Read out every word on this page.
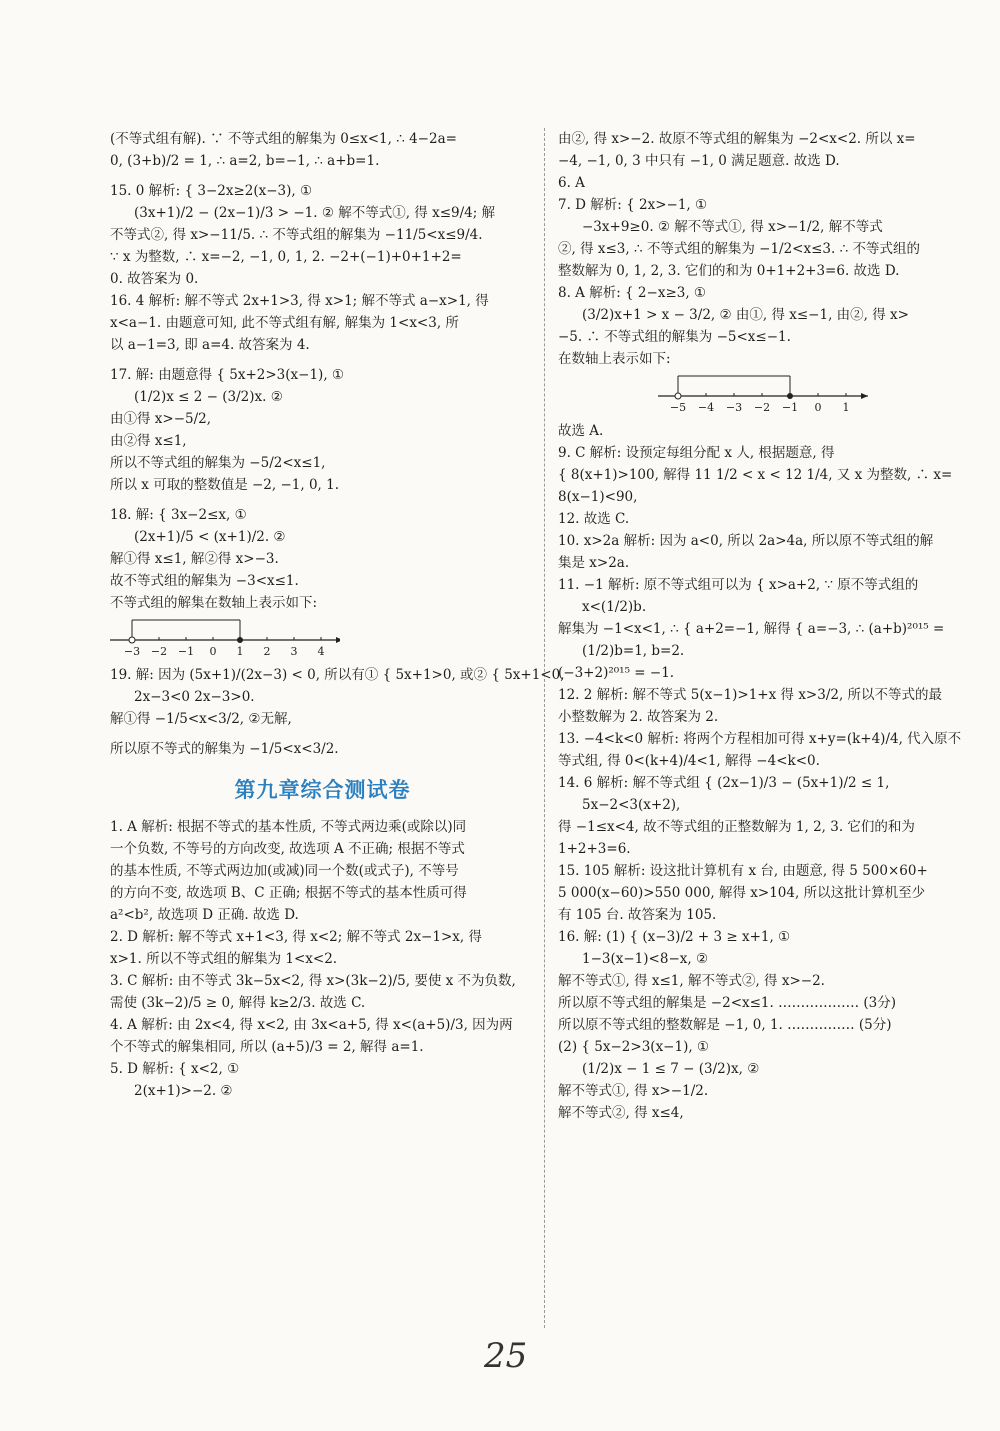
(不等式组有解). ∵ 不等式组的解集为 0≤x<1, ∴ 4−2a=
0, (3+b)/2 = 1, ∴ a=2, b=−1, ∴ a+b=1.
15. 0 解析: { 3−2x≥2(x−3), ①
(3x+1)/2 − (2x−1)/3 > −1. ② 解不等式①, 得 x≤9/4; 解
不等式②, 得 x>−11/5. ∴ 不等式组的解集为 −11/5<x≤9/4.
∵ x 为整数, ∴ x=−2, −1, 0, 1, 2. −2+(−1)+0+1+2=
0. 故答案为 0.
16. 4 解析: 解不等式 2x+1>3, 得 x>1; 解不等式 a−x>1, 得
x<a−1. 由题意可知, 此不等式组有解, 解集为 1<x<3, 所
以 a−1=3, 即 a=4. 故答案为 4.
17. 解: 由题意得 { 5x+2>3(x−1), ①
(1/2)x ≤ 2 − (3/2)x. ②
由①得 x>−5/2,
由②得 x≤1,
所以不等式组的解集为 −5/2<x≤1,
所以 x 可取的整数值是 −2, −1, 0, 1.
18. 解: { 3x−2≤x, ①
(2x+1)/5 < (x+1)/2. ②
解①得 x≤1, 解②得 x>−3.
故不等式组的解集为 −3<x≤1.
不等式组的解集在数轴上表示如下:
−3 −2 −1 0 1 2 3 4
19. 解: 因为 (5x+1)/(2x−3) < 0, 所以有① { 5x+1>0, 或② { 5x+1<0,
2x−3<0 2x−3>0.
解①得 −1/5<x<3/2, ②无解,
所以原不等式的解集为 −1/5<x<3/2.
第九章综合测试卷
1. A 解析: 根据不等式的基本性质, 不等式两边乘(或除以)同
一个负数, 不等号的方向改变, 故选项 A 不正确; 根据不等式
的基本性质, 不等式两边加(或减)同一个数(或式子), 不等号
的方向不变, 故选项 B、C 正确; 根据不等式的基本性质可得
a²<b², 故选项 D 正确. 故选 D.
2. D 解析: 解不等式 x+1<3, 得 x<2; 解不等式 2x−1>x, 得
x>1. 所以不等式组的解集为 1<x<2.
3. C 解析: 由不等式 3k−5x<2, 得 x>(3k−2)/5, 要使 x 不为负数,
需使 (3k−2)/5 ≥ 0, 解得 k≥2/3. 故选 C.
4. A 解析: 由 2x<4, 得 x<2, 由 3x<a+5, 得 x<(a+5)/3, 因为两
个不等式的解集相同, 所以 (a+5)/3 = 2, 解得 a=1.
5. D 解析: { x<2, ①
2(x+1)>−2. ②
由②, 得 x>−2. 故原不等式组的解集为 −2<x<2. 所以 x=
−4, −1, 0, 3 中只有 −1, 0 满足题意. 故选 D.
6. A
7. D 解析: { 2x>−1, ①
−3x+9≥0. ② 解不等式①, 得 x>−1/2, 解不等式
②, 得 x≤3, ∴ 不等式组的解集为 −1/2<x≤3. ∴ 不等式组的
整数解为 0, 1, 2, 3. 它们的和为 0+1+2+3=6. 故选 D.
8. A 解析: { 2−x≥3, ①
(3/2)x+1 > x − 3/2, ② 由①, 得 x≤−1, 由②, 得 x>
−5. ∴ 不等式组的解集为 −5<x≤−1.
在数轴上表示如下:
−5 −4 −3 −2 −1 0 1
故选 A.
9. C 解析: 设预定每组分配 x 人, 根据题意, 得
{ 8(x+1)>100, 解得 11 1/2 < x < 12 1/4, 又 x 为整数, ∴ x=
8(x−1)<90,
12. 故选 C.
10. x>2a 解析: 因为 a<0, 所以 2a>4a, 所以原不等式组的解
集是 x>2a.
11. −1 解析: 原不等式组可以为 { x>a+2, ∵ 原不等式组的
x<(1/2)b.
解集为 −1<x<1, ∴ { a+2=−1, 解得 { a=−3, ∴ (a+b)²⁰¹⁵ =
(1/2)b=1, b=2.
(−3+2)²⁰¹⁵ = −1.
12. 2 解析: 解不等式 5(x−1)>1+x 得 x>3/2, 所以不等式的最
小整数解为 2. 故答案为 2.
13. −4<k<0 解析: 将两个方程相加可得 x+y=(k+4)/4, 代入原不
等式组, 得 0<(k+4)/4<1, 解得 −4<k<0.
14. 6 解析: 解不等式组 { (2x−1)/3 − (5x+1)/2 ≤ 1,
5x−2<3(x+2),
得 −1≤x<4, 故不等式组的正整数解为 1, 2, 3. 它们的和为
1+2+3=6.
15. 105 解析: 设这批计算机有 x 台, 由题意, 得 5 500×60+
5 000(x−60)>550 000, 解得 x>104, 所以这批计算机至少
有 105 台. 故答案为 105.
16. 解: (1) { (x−3)/2 + 3 ≥ x+1, ①
1−3(x−1)<8−x, ②
解不等式①, 得 x≤1, 解不等式②, 得 x>−2.
所以原不等式组的解集是 −2<x≤1. ……………… (3分)
所以原不等式组的整数解是 −1, 0, 1. …………… (5分)
(2) { 5x−2>3(x−1), ①
(1/2)x − 1 ≤ 7 − (3/2)x, ②
解不等式①, 得 x>−1/2.
解不等式②, 得 x≤4,
25
